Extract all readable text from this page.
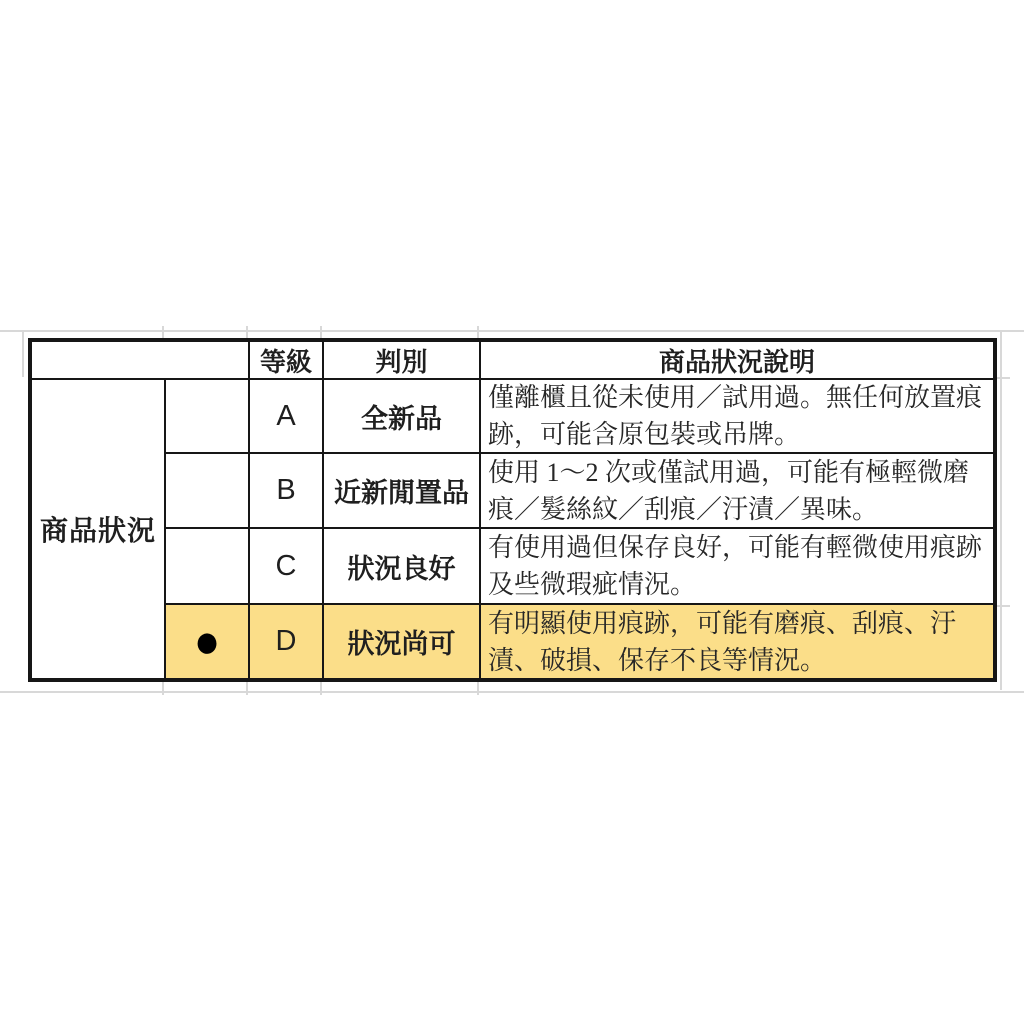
等級 判別	商品狀況說明
商品狀況
A 全新品
僅離櫃且從未使用／試用過。無任何放置痕跡，可能含原包裝或吊牌。
B 近新閒置品
使用 1～2 次或僅試用過，可能有極輕微磨痕／髮絲紋／刮痕／汙漬／異味。
C 狀況良好
有使用過但保存良好，可能有輕微使用痕跡及些微瑕疵情況。
● D 狀況尚可
有明顯使用痕跡，可能有磨痕、刮痕、汙漬、破損、保存不良等情況。
